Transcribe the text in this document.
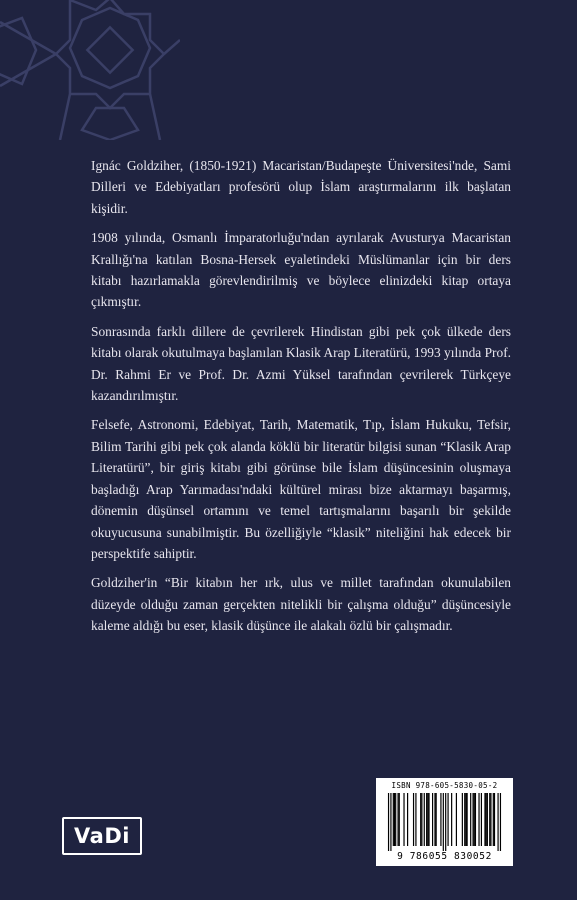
Ignác Goldziher, (1850-1921) Macaristan/Budapeşte Üniversitesi'nde, Sami Dilleri ve Edebiyatları profesörü olup İslam araştırmalarını ilk başlatan kişidir.

1908 yılında, Osmanlı İmparatorluğu'ndan ayrılarak Avusturya Macaristan Krallığı'na katılan Bosna-Hersek eyaletindeki Müslümanlar için bir ders kitabı hazırlamakla görevlendirilmiş ve böylece elinizdeki kitap ortaya çıkmıştır.

Sonrasında farklı dillere de çevrilerek Hindistan gibi pek çok ülkede ders kitabı olarak okutulmaya başlanılan Klasik Arap Literatürü, 1993 yılında Prof. Dr. Rahmi Er ve Prof. Dr. Azmi Yüksel tarafından çevrilerek Türkçeye kazandırılmıştır.

Felsefe, Astronomi, Edebiyat, Tarih, Matematik, Tıp, İslam Hukuku, Tefsir, Bilim Tarihi gibi pek çok alanda köklü bir literatür bilgisi sunan “Klasik Arap Literatürü”, bir giriş kitabı gibi görünse bile İslam düşüncesinin oluşmaya başladığı Arap Yarımadası'ndaki kültürel mirası bize aktarmayı başarmış, dönemin düşünsel ortamını ve temel tartışmalarını başarılı bir şekilde okuyucusuna sunabilmiştir. Bu özelliğiyle “klasik” niteliğini hak edecek bir perspektife sahiptir.

Goldziher'in “Bir kitabın her ırk, ulus ve millet tarafından okunulabilen düzeyde olduğu zaman gerçekten nitelikli bir çalışma olduğu” düşüncesiyle kaleme aldığı bu eser, klasik düşünce ile alakalı özlü bir çalışmadır.

VaDi
ISBN 978-605-5830-05-2
9 786055 830052
